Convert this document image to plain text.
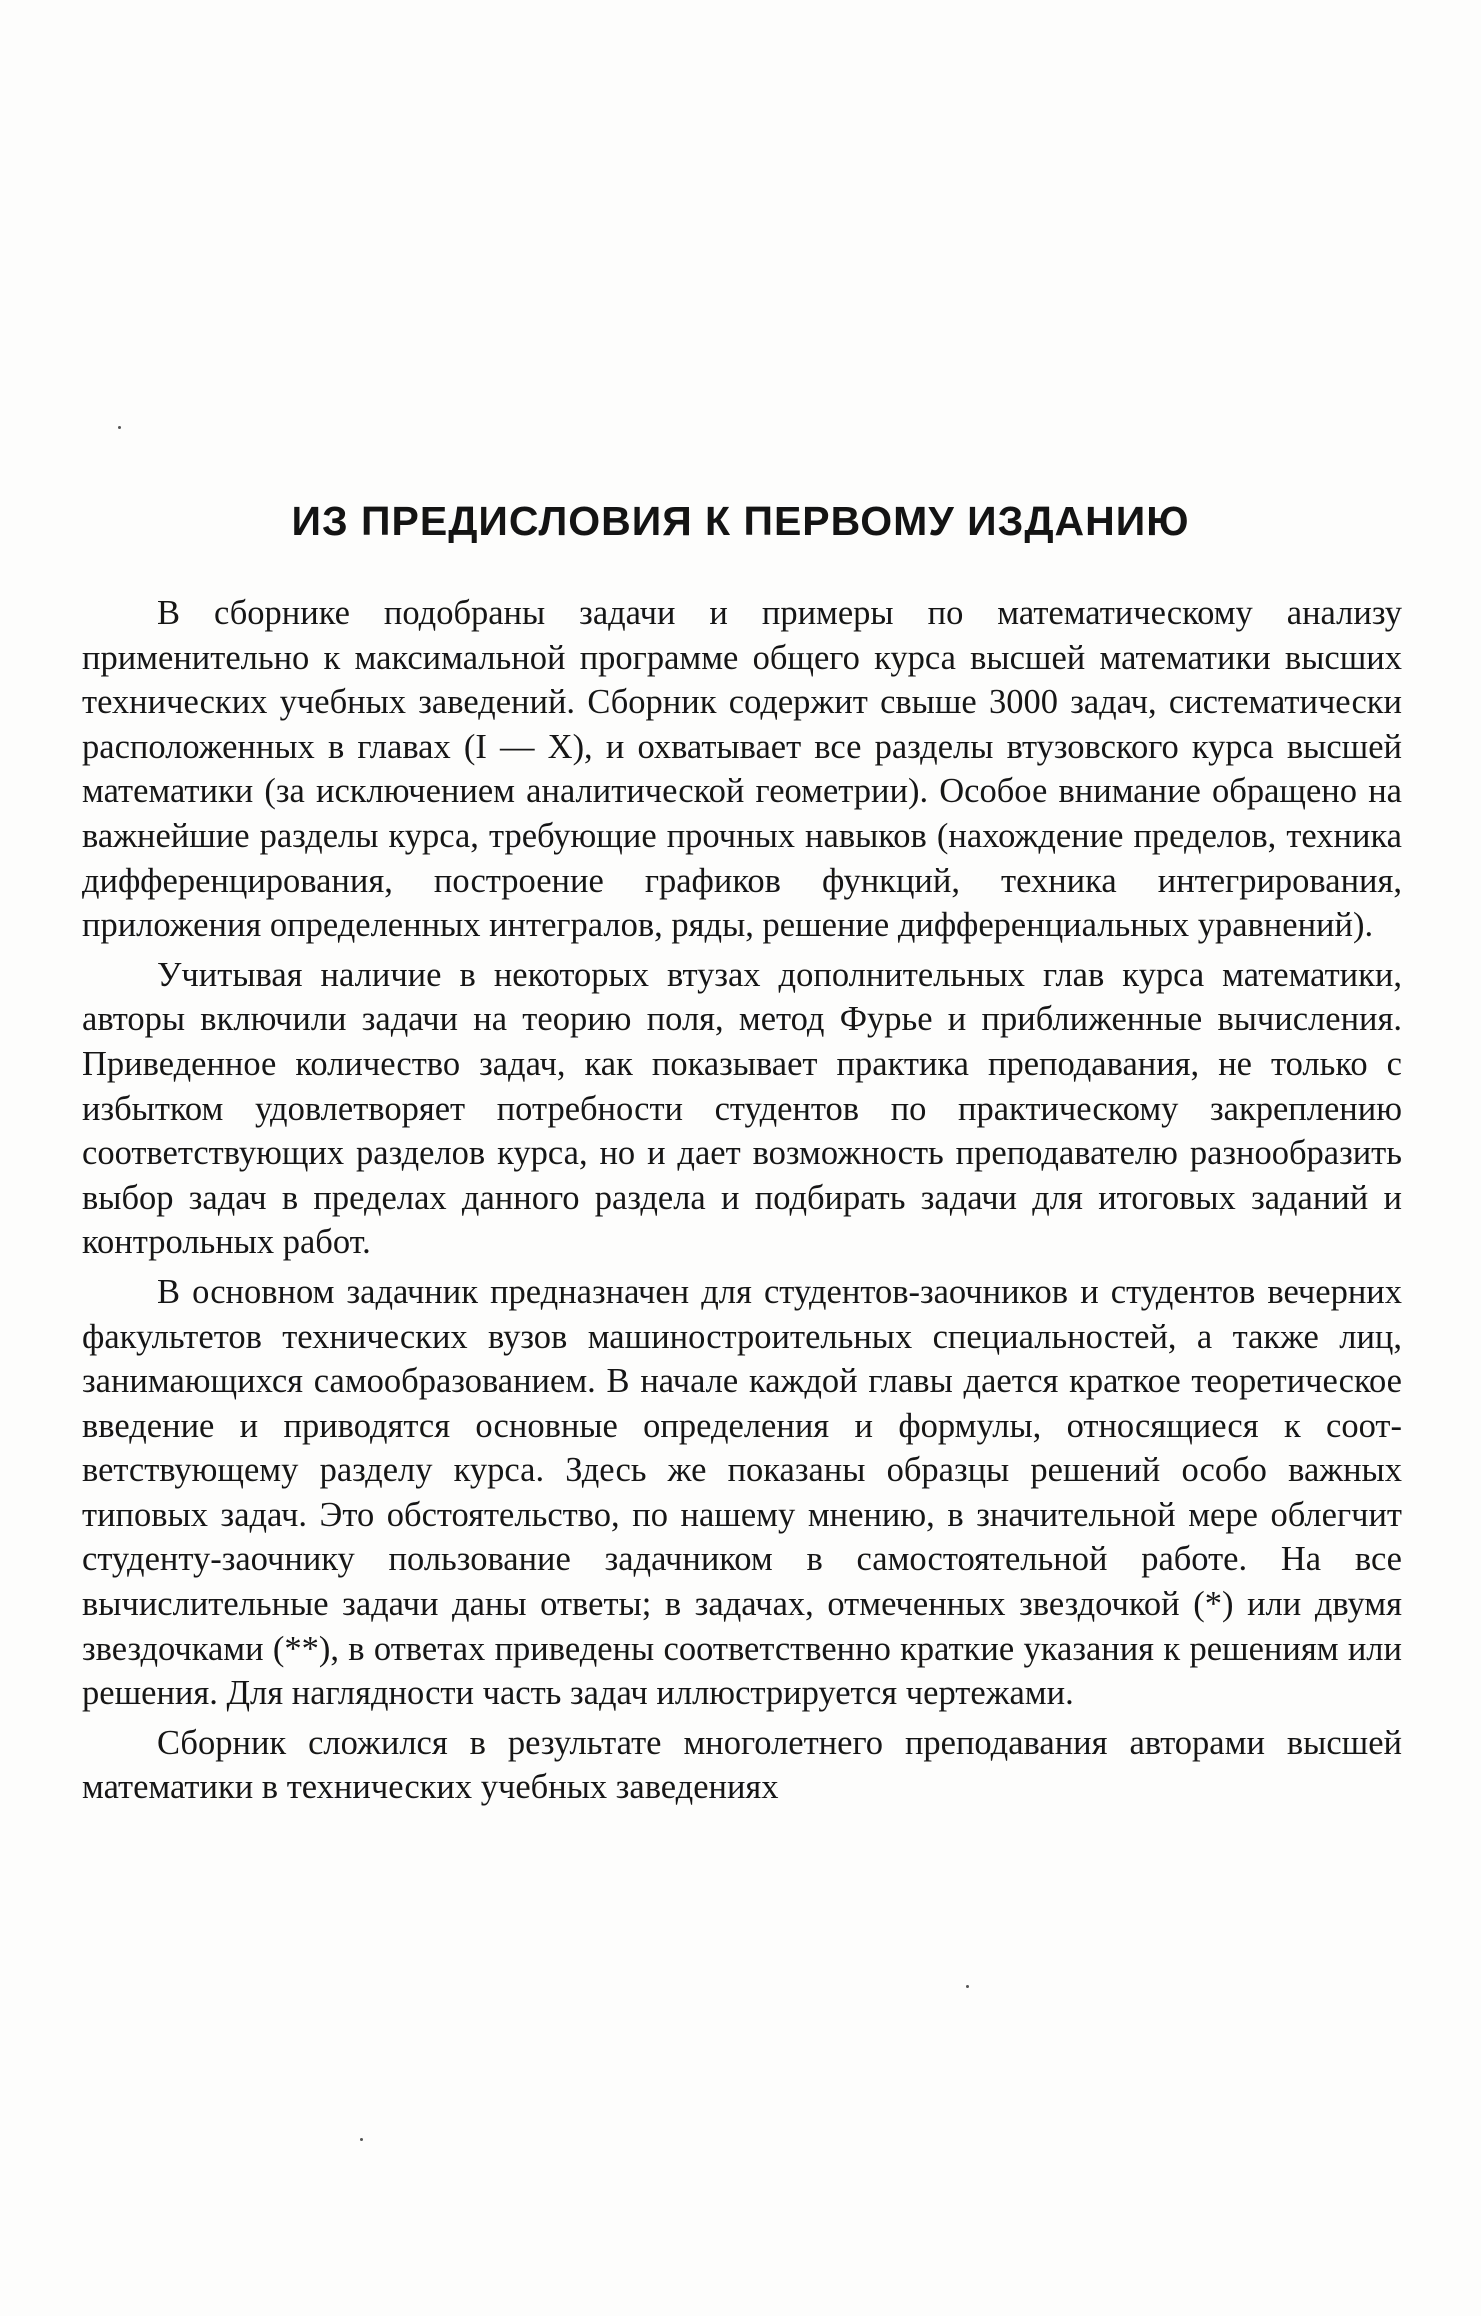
ИЗ ПРЕДИСЛОВИЯ К ПЕРВОМУ ИЗДАНИЮ

В сборнике подобраны задачи и примеры по математическому анализу применительно к максимальной программе общего курса высшей математики высших технических учебных заведений. Сборник содержит свыше 3000 задач, систематически расположенных в главах (I — X), и охватывает все разделы втузовского курса высшей математики (за исключением аналитической геометрии). Особое внимание обращено на важнейшие разделы курса, требующие прочных навыков (нахождение пределов, техника дифференцирования, построение графиков функций, техника интегрирования, приложения определенных интегралов, ряды, решение дифференциальных уравнений).

Учитывая наличие в некоторых втузах дополнительных глав курса математики, авторы включили задачи на теорию поля, метод Фурье и приближенные вычисления. Приведенное количество задач, как показывает практика преподавания, не только с избытком удовлетворяет потребности студентов по практическому закреплению соответствующих разделов курса, но и дает возможность преподавателю разнообразить выбор задач в пределах данного раздела и подбирать задачи для итоговых заданий и контрольных работ.

В основном задачник предназначен для студентов-заочников и студентов вечерних факультетов технических вузов машиностроительных специальностей, а также лиц, занимающихся самообразованием. В начале каждой главы дается краткое теоретическое введение и приводятся основные определения и формулы, относящиеся к соответствующему разделу курса. Здесь же показаны образцы решений особо важных типовых задач. Это обстоятельство, по нашему мнению, в значительной мере облегчит студенту-заочнику пользование задачником в самостоятельной работе. На все вычислительные задачи даны ответы; в задачах, отмеченных звездочкой (*) или двумя звездочками (**), в ответах приведены соответственно краткие указания к решениям или решения. Для наглядности часть задач иллюстрируется чертежами.

Сборник сложился в результате многолетнего преподавания авторами высшей математики в технических учебных заведениях
